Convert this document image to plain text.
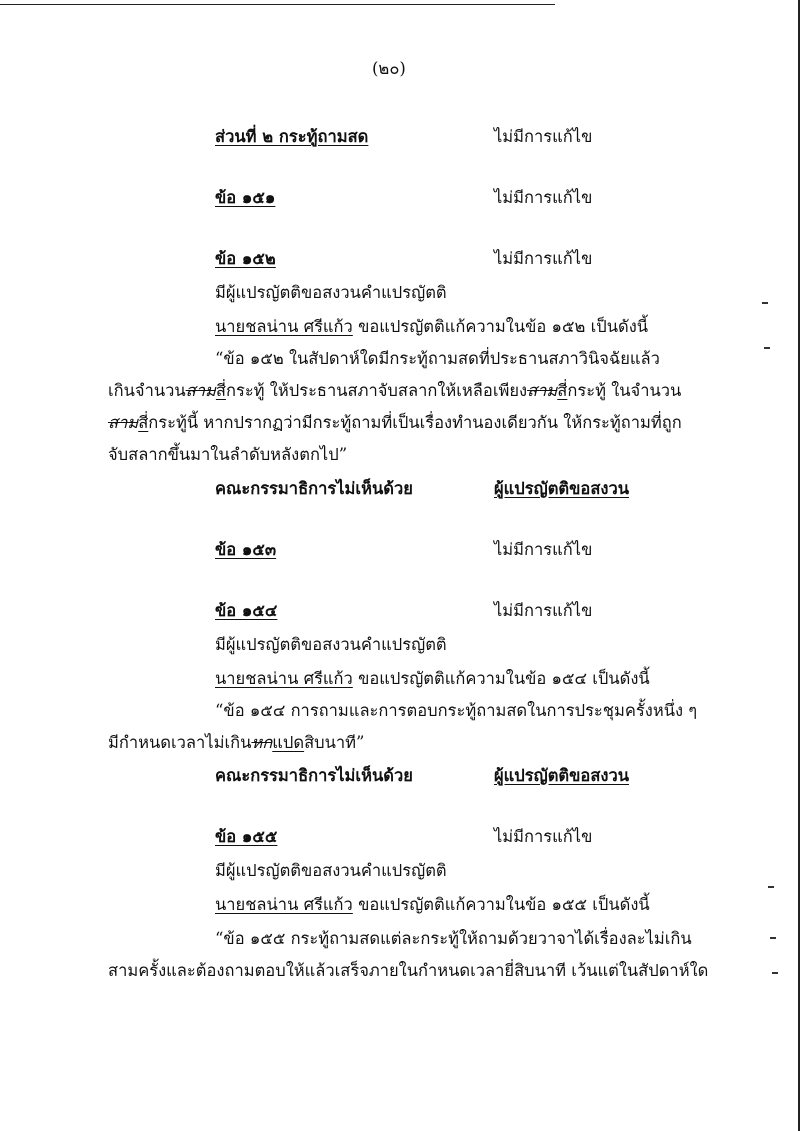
(๒๐)
ส่วนที่ ๒ กระทู้ถามสด	ไม่มีการแก้ไข
ข้อ ๑๕๑	ไม่มีการแก้ไข
ข้อ ๑๕๒	ไม่มีการแก้ไข
มีผู้แปรญัตติขอสงวนคำแปรญัตติ
นายชลน่าน ศรีแก้ว ขอแปรญัตติแก้ความในข้อ ๑๕๒ เป็นดังนี้
“ข้อ ๑๕๒ ในสัปดาห์ใดมีกระทู้ถามสดที่ประธานสภาวินิจฉัยแล้ว
เกินจำนวนสามสี่กระทู้ ให้ประธานสภาจับสลากให้เหลือเพียงสามสี่กระทู้ ในจำนวน
สามสี่กระทู้นี้ หากปรากฏว่ามีกระทู้ถามที่เป็นเรื่องทำนองเดียวกัน ให้กระทู้ถามที่ถูก
จับสลากขึ้นมาในลำดับหลังตกไป”
คณะกรรมาธิการไม่เห็นด้วย	ผู้แปรญัตติขอสงวน
ข้อ ๑๕๓	ไม่มีการแก้ไข
ข้อ ๑๕๔	ไม่มีการแก้ไข
มีผู้แปรญัตติขอสงวนคำแปรญัตติ
นายชลน่าน ศรีแก้ว ขอแปรญัตติแก้ความในข้อ ๑๕๔ เป็นดังนี้
“ข้อ ๑๕๔ การถามและการตอบกระทู้ถามสดในการประชุมครั้งหนึ่ง ๆ
มีกำหนดเวลาไม่เกินหกแปดสิบนาที”
คณะกรรมาธิการไม่เห็นด้วย	ผู้แปรญัตติขอสงวน
ข้อ ๑๕๕	ไม่มีการแก้ไข
มีผู้แปรญัตติขอสงวนคำแปรญัตติ
นายชลน่าน ศรีแก้ว ขอแปรญัตติแก้ความในข้อ ๑๕๕ เป็นดังนี้
“ข้อ ๑๕๕ กระทู้ถามสดแต่ละกระทู้ให้ถามด้วยวาจาได้เรื่องละไม่เกิน
สามครั้งและต้องถามตอบให้แล้วเสร็จภายในกำหนดเวลายี่สิบนาที เว้นแต่ในสัปดาห์ใด
